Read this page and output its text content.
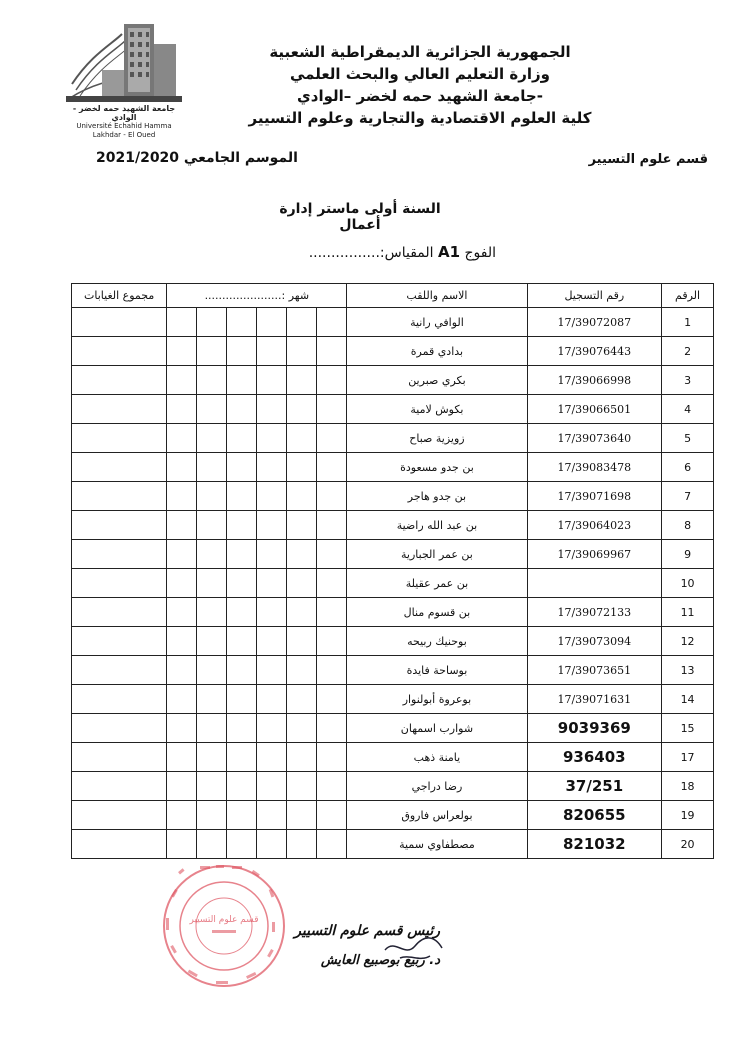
جامعة الشهيد حمه لخضر - الوادي
Université Echahid Hamma Lakhdar - El Oued
الجمهورية الجزائرية الديمقراطية الشعبية
وزارة التعليم العالي والبحث العلمي
جامعة الشهيد حمه لخضر –الوادي-
كلية العلوم الاقتصادية والتجارية وعلوم التسيير
قسم علوم التسيير
الموسم الجامعي 2021/2020
السنة أولى ماستر إدارة أعمال
الفوج A1 المقياس:................
مجموع الغيابات	شهر :......................						الاسم واللقب	رقم التسجيل	الرقم
							الوافي رانية	17/39072087	1
							بدادي قمرة	17/39076443	2
							بكري صبرين	17/39066998	3
							بكوش لامية	17/39066501	4
							زويزية صباح	17/39073640	5
							بن جدو مسعودة	17/39083478	6
							بن جدو هاجر	17/39071698	7
							بن عبد الله راضية	17/39064023	8
							بن عمر الجبارية	17/39069967	9
							بن عمر عقيلة		10
							بن قسوم منال	17/39072133	11
							بوحنيك ربيحه	17/39073094	12
							بوساحة فايدة	17/39073651	13
							بوعروة أبولنوار	17/39071631	14
							شوارب اسمهان	9039369	15
							يامنة ذهب	936403	17
							رضا دراجي	37/251	18
							بولعراس فاروق	820655	19
							مصطفاوي سمية	821032	20
قسم علوم التسيير
رئيس قسم علوم التسيير
د. ربيع بوصبيع العايش
